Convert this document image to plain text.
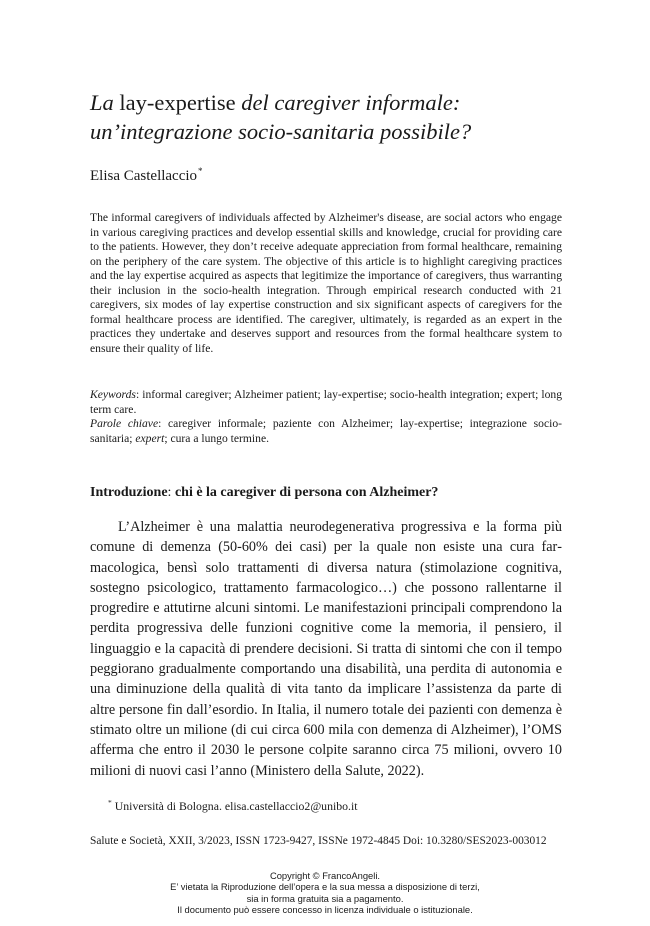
La lay-expertise del caregiver informale:
un’integrazione socio-sanitaria possibile?
Elisa Castellaccio*

The informal caregivers of individuals affected by Alzheimer's disease, are social actors who engage in various caregiving practices and develop essential skills and knowledge, crucial for providing care to the patients. However, they don’t receive adequate appreciation from formal healthcare, remaining on the periphery of the care system. The objective of this article is to highlight caregiving practices and the lay expertise acquired as aspects that legitimize the importance of caregivers, thus warranting their inclusion in the socio-health integration. Through empirical research conducted with 21 caregivers, six modes of lay expertise construction and six significant aspects of caregivers for the formal healthcare process are identified. The caregiver, ultimately, is regarded as an expert in the practices they undertake and deserves support and resources from the formal healthcare system to ensure their quality of life.

Keywords: informal caregiver; Alzheimer patient; lay-expertise; socio-health integration; expert; long term care.

Parole chiave: caregiver informale; paziente con Alzheimer; lay-expertise; integrazione socio-sanitaria; expert; cura a lungo termine.

Introduzione: chi è la caregiver di persona con Alzheimer?

L’Alzheimer è una malattia neurodegenerativa progressiva e la forma più comune di demenza (50-60% dei casi) per la quale non esiste una cura farmacologica, bensì solo trattamenti di diversa natura (stimolazione cognitiva, sostegno psicologico, trattamento farmacologico…) che possono rallentarne il progredire e attutirne alcuni sintomi. Le manifestazioni principali comprendono la perdita progressiva delle funzioni cognitive come la memoria, il pensiero, il linguaggio e la capacità di prendere decisioni. Si tratta di sintomi che con il tempo peggiorano gradualmente comportando una disabilità, una perdita di autonomia e una diminuzione della qualità di vita tanto da implicare l’assistenza da parte di altre persone fin dall’esordio. In Italia, il numero totale dei pazienti con demenza è stimato oltre un milione (di cui circa 600 mila con demenza di Alzheimer), l’OMS afferma che entro il 2030 le persone colpite saranno circa 75 milioni, ovvero 10 milioni di nuovi casi l’anno (Ministero della Salute, 2022).

* Università di Bologna. elisa.castellaccio2@unibo.it
Salute e Società, XXII, 3/2023, ISSN 1723-9427, ISSNe 1972-4845 Doi: 10.3280/SES2023-003012
Copyright © FrancoAngeli.
E’ vietata la Riproduzione dell’opera e la sua messa a disposizione di terzi,
sia in forma gratuita sia a pagamento.
Il documento può essere concesso in licenza individuale o istituzionale.
